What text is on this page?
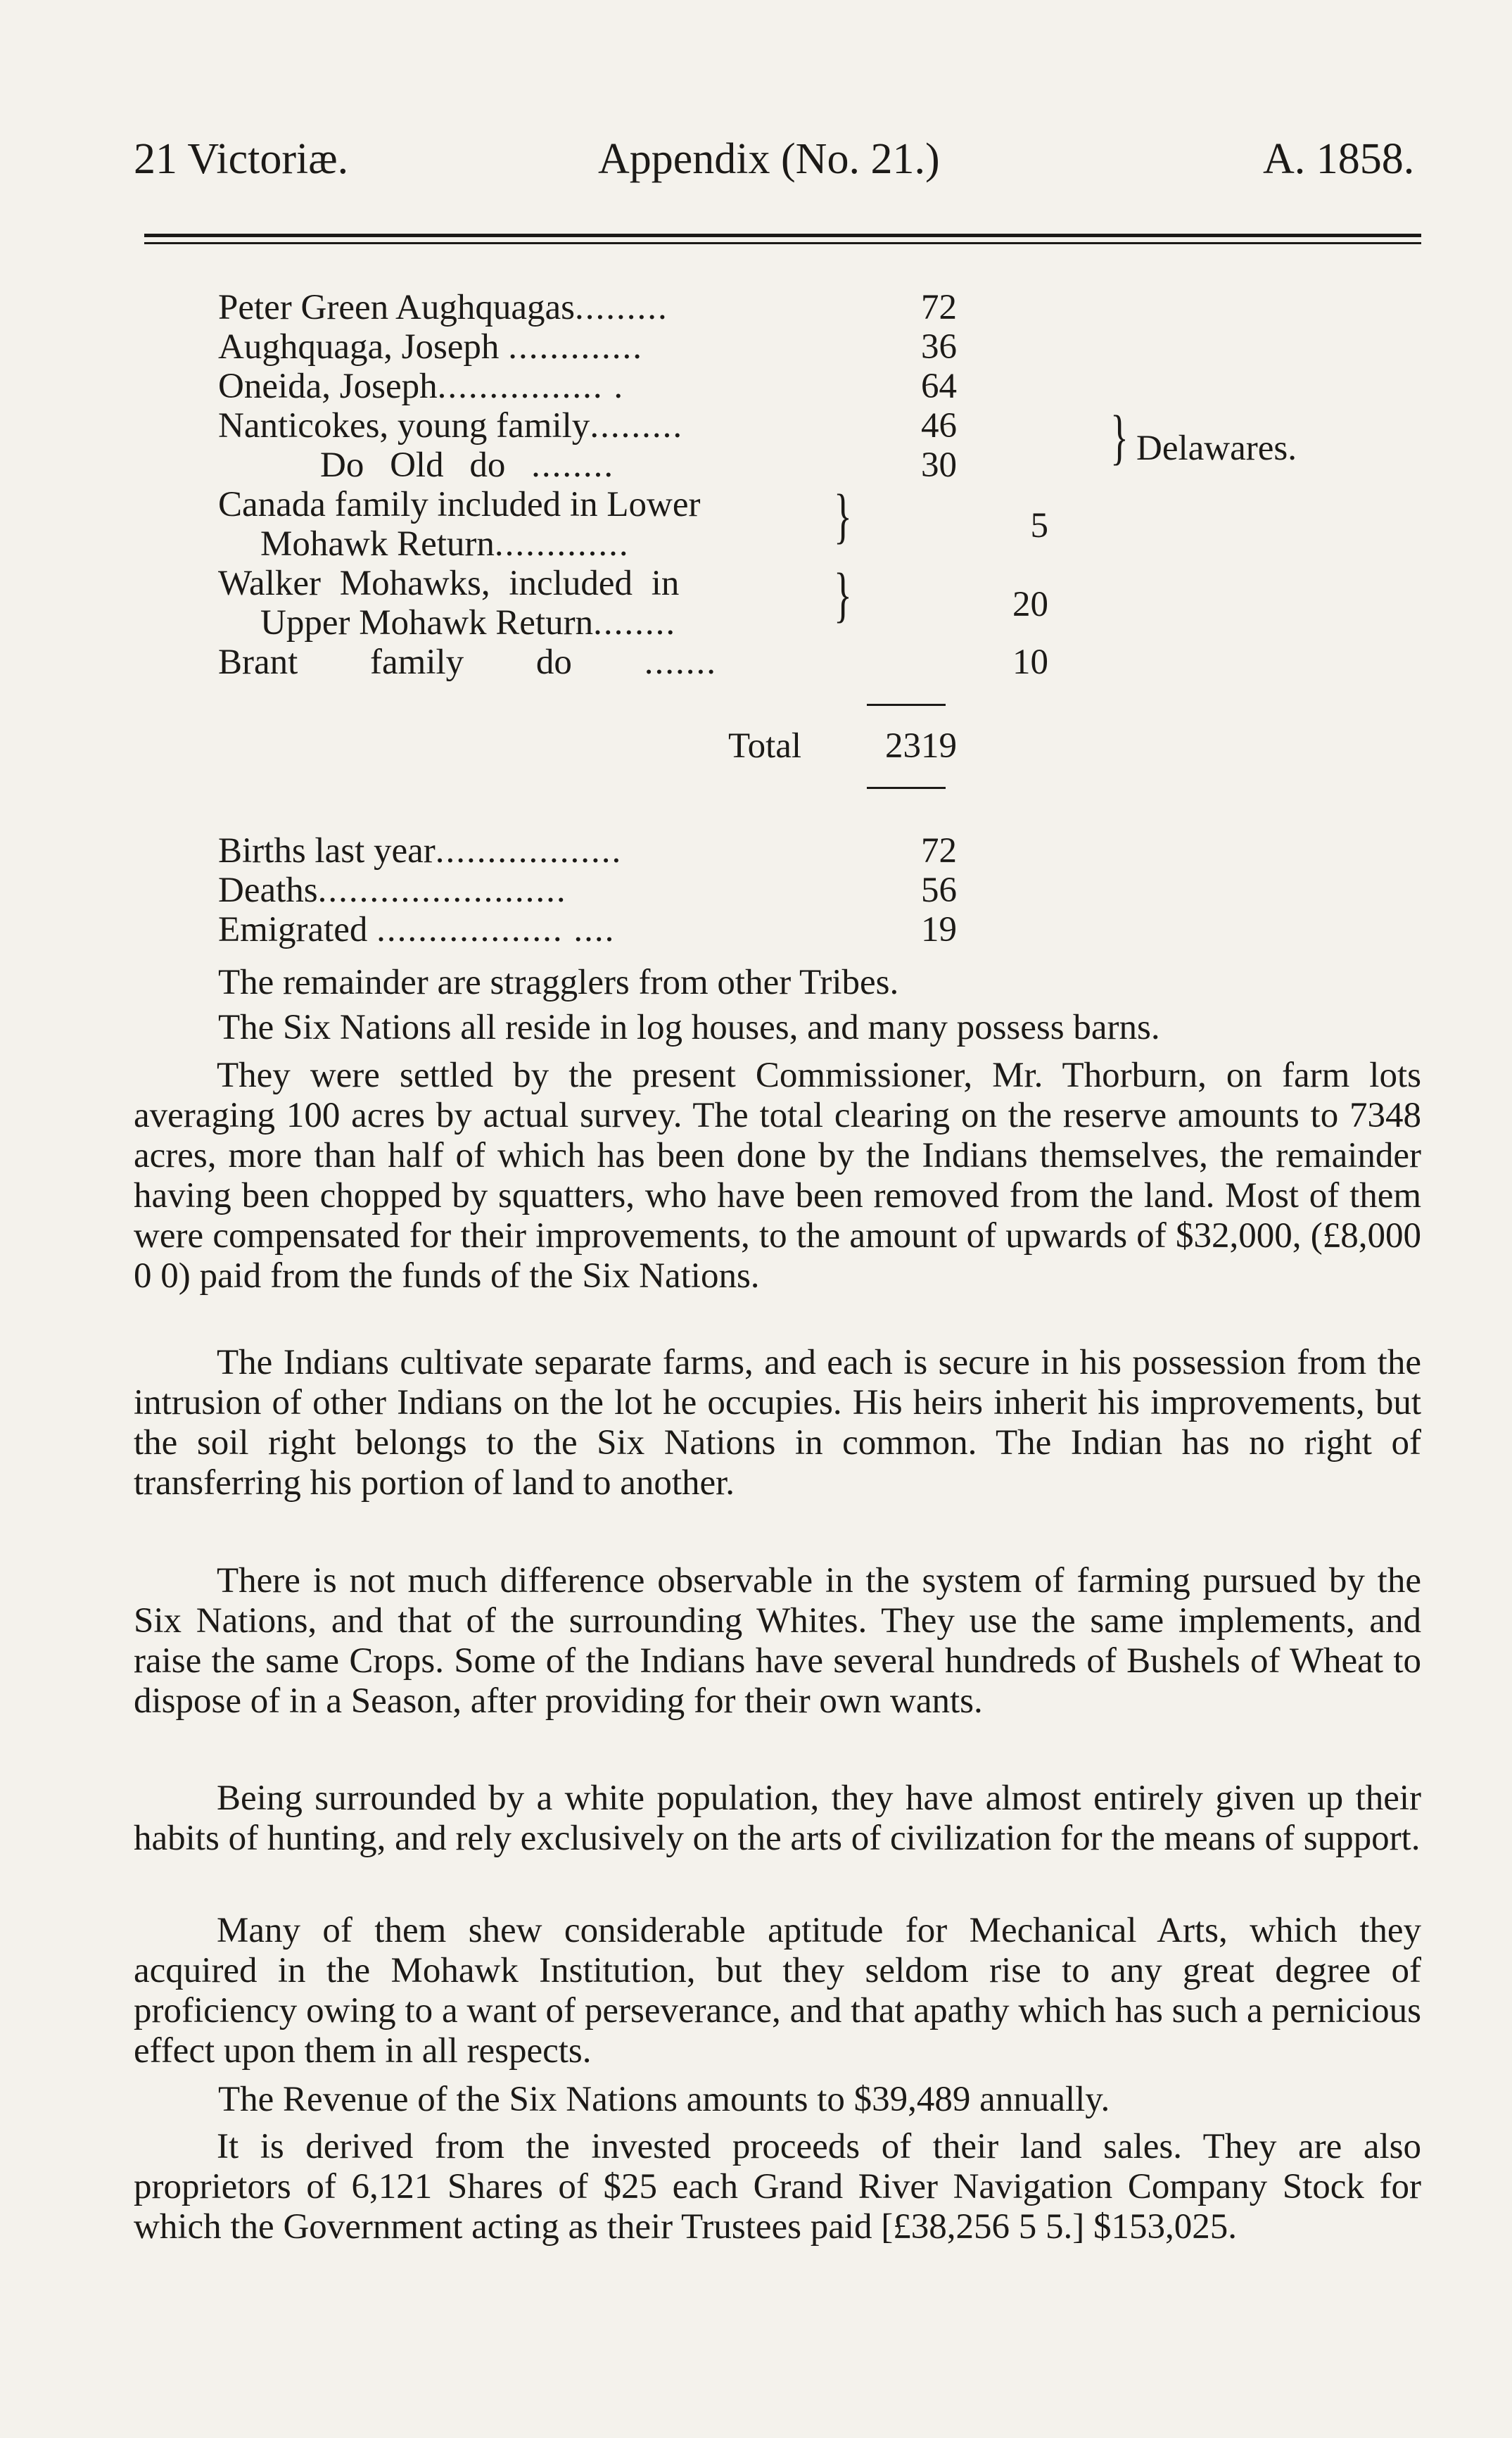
21 Victoriæ.	Appendix (No. 21.)	A. 1858.
Peter Green Aughquagas.........	72
Aughquaga, Joseph .............	36
Oneida, Joseph................ .	64
Nanticokes, young family.........	46
Do Old do ........	30	} Delawares.
Canada family included in Lower
Mohawk Return.............	}	5
Walker Mohawks, included in
Upper Mohawk Return........	}	20
Brant family do .......	10
Total 2319
Births last year..................	72
Deaths........................	56
Emigrated .................. ....	19

The remainder are stragglers from other Tribes.

The Six Nations all reside in log houses, and many possess barns.

They were settled by the present Commissioner, Mr. Thorburn, on farm lots averaging 100 acres by actual survey. The total clearing on the reserve amounts to 7348 acres, more than half of which has been done by the Indians themselves, the remainder having been chopped by squatters, who have been removed from the land. Most of them were compensated for their improvements, to the amount of upwards of $32,000, (£8,000 0 0) paid from the funds of the Six Nations.

The Indians cultivate separate farms, and each is secure in his possession from the intrusion of other Indians on the lot he occupies. His heirs inherit his improvements, but the soil right belongs to the Six Nations in common. The Indian has no right of transferring his portion of land to another.

There is not much difference observable in the system of farming pursued by the Six Nations, and that of the surrounding Whites. They use the same implements, and raise the same Crops. Some of the Indians have several hundreds of Bushels of Wheat to dispose of in a Season, after providing for their own wants.

Being surrounded by a white population, they have almost entirely given up their habits of hunting, and rely exclusively on the arts of civilization for the means of support.

Many of them shew considerable aptitude for Mechanical Arts, which they acquired in the Mohawk Institution, but they seldom rise to any great degree of proficiency owing to a want of perseverance, and that apathy which has such a pernicious effect upon them in all respects.

The Revenue of the Six Nations amounts to $39,489 annually.

It is derived from the invested proceeds of their land sales. They are also proprietors of 6,121 Shares of $25 each Grand River Navigation Company Stock for which the Government acting as their Trustees paid [£38,256 5 5.] $153,025.
